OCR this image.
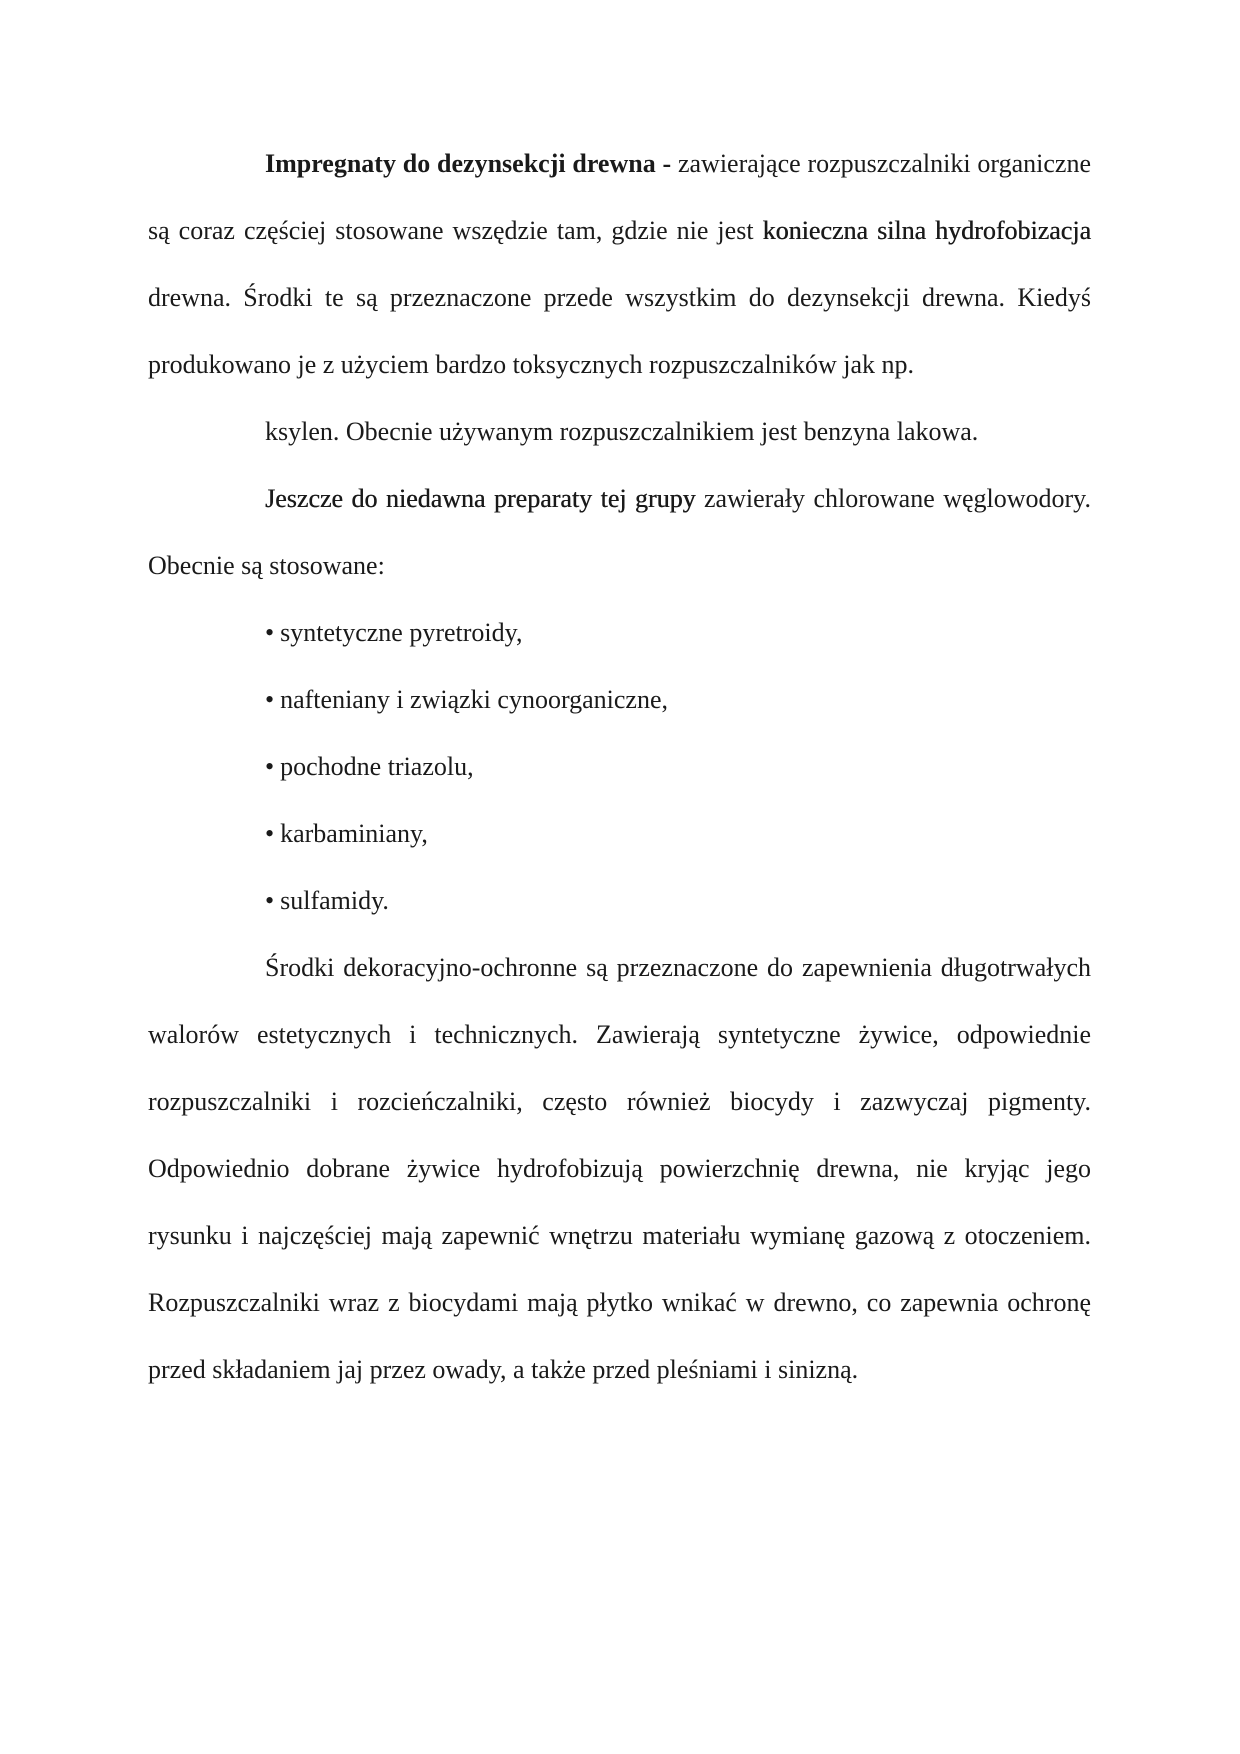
Impregnaty do dezynsekcji drewna - zawierające rozpuszczalniki organiczne są coraz częściej stosowane wszędzie tam, gdzie nie jest konieczna silna hydrofobizacja drewna. Środki te są przeznaczone przede wszystkim do dezynsekcji drewna. Kiedyś produkowano je z użyciem bardzo toksycznych rozpuszczalników jak np.

ksylen. Obecnie używanym rozpuszczalnikiem jest benzyna lakowa.

Jeszcze do niedawna preparaty tej grupy zawierały chlorowane węglowodory. Obecnie są stosowane:

• syntetyczne pyretroidy,
• nafteniany i związki cynoorganiczne,
• pochodne triazolu,
• karbaminiany,
• sulfamidy.

Środki dekoracyjno-ochronne są przeznaczone do zapewnienia długotrwałych walorów estetycznych i technicznych. Zawierają syntetyczne żywice, odpowiednie rozpuszczalniki i rozcieńczalniki, często również biocydy i zazwyczaj pigmenty. Odpowiednio dobrane żywice hydrofobizują powierzchnię drewna, nie kryjąc jego rysunku i najczęściej mają zapewnić wnętrzu materiału wymianę gazową z otoczeniem. Rozpuszczalniki wraz z biocydami mają płytko wnikać w drewno, co zapewnia ochronę przed składaniem jaj przez owady, a także przed pleśniami i sinizną.
